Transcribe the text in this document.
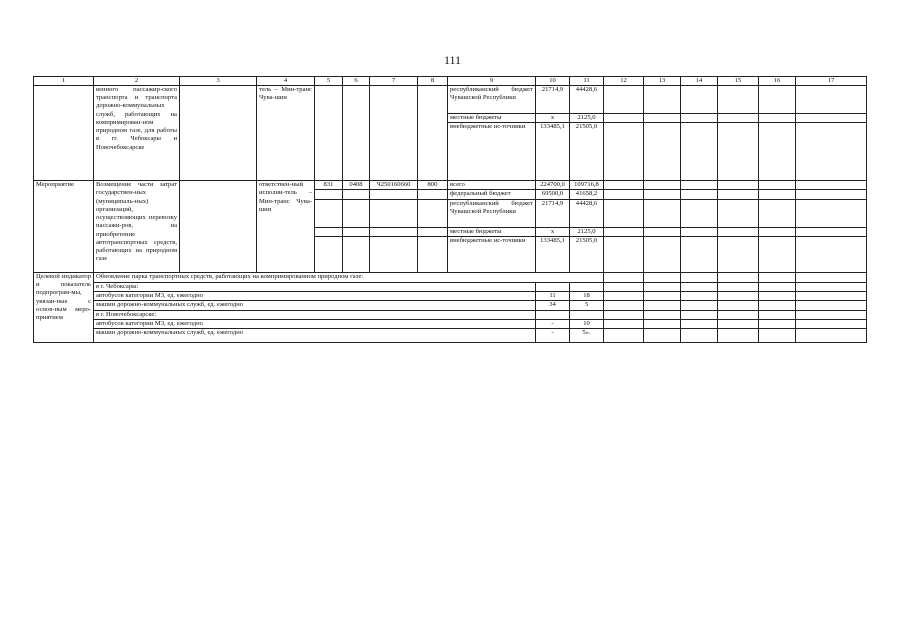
111
1	2	3	4	5	6	7	8	9	10	11	12	13	14	15	16	17
	венного пассажир-ского транспорта и транспорта дорожно-коммунальных служб, работающих на компримирован-ном природном газе, для работы в гг. Чебоксары и Новочебоксарске		тель – Мин-транс Чува-шии					республиканский бюджет Чувашской Республики	21714,9	44428,6						
								местные бюджеты	х	2125,0						
								внебюджетные ис-точники	133485,1	21505,0						
Мероприятие	Возмещение части затрат государствен-ных (муниципаль-ных) организаций, осуществляющих перевозку пассажи-ров, на приобретение автотранспортных средств, работающих на природном газе		ответствен-ный исполни-тель – Мин-транс Чува-шии	831	0408	Ч250160660	800	всего	224700,0	109716,8						
								федеральный бюджет	69500,0	41658,2						
								республиканский бюджет Чувашской Республики	21714,9	44428,6						
								местные бюджеты	х	2125,0						
								внебюджетные ис-точники	133485,1	21505,0						
Целевой индикатор и показатель подпрограм-мы, увязан-ные с основ-ным меро-приятием	Обновление парка транспортных средств, работающих на компримированном природном газе:															
	в г. Чебоксары:															
	автобусов категории М3, ед. ежегодно								11	18						
	машин дорожно-коммунальных служб, ед. ежегодно								34	5						
	в г. Новочебоксарске:															
	автобусов категории М3, ед. ежегодно								-	10						
	машин дорожно-коммунальных служб, ед. ежегодно								-	5».						
